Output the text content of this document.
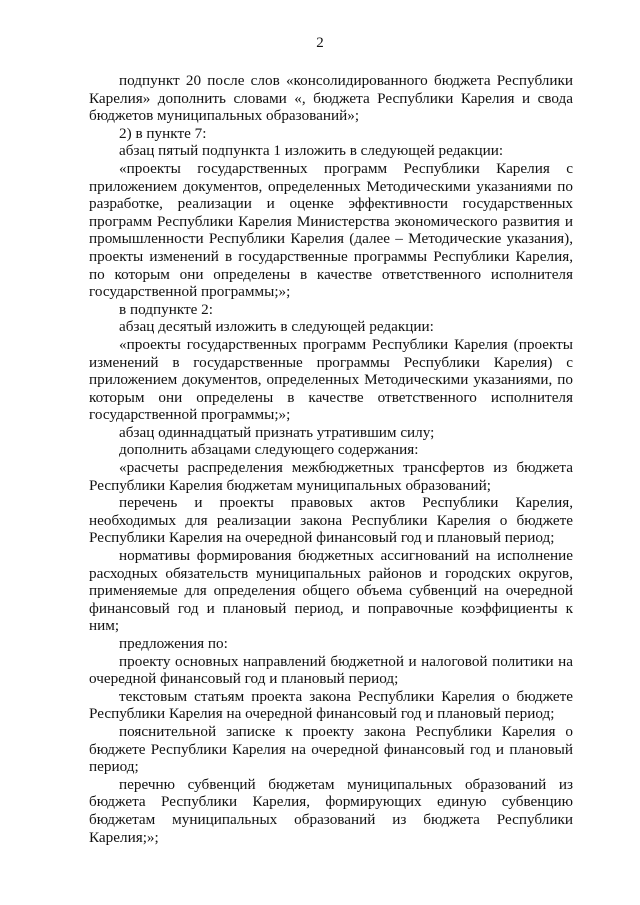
2

подпункт 20 после слов «консолидированного бюджета Республики Карелия» дополнить словами «, бюджета Республики Карелия и свода бюджетов муниципальных образований»;

2) в пункте 7:

абзац пятый подпункта 1 изложить в следующей редакции:

«проекты государственных программ Республики Карелия с приложением документов, определенных Методическими указаниями по разработке, реализации и оценке эффективности государственных программ Республики Карелия Министерства экономического развития и промышленности Республики Карелия (далее – Методические указания), проекты изменений в государственные программы Республики Карелия, по которым они определены в качестве ответственного исполнителя государственной программы;»;

в подпункте 2:

абзац десятый изложить в следующей редакции:

«проекты государственных программ Республики Карелия (проекты изменений в государственные программы Республики Карелия) с приложением документов, определенных Методическими указаниями, по которым они определены в качестве ответственного исполнителя государственной программы;»;

абзац одиннадцатый признать утратившим силу;

дополнить абзацами следующего содержания:

«расчеты распределения межбюджетных трансфертов из бюджета Республики Карелия бюджетам муниципальных образований;

перечень и проекты правовых актов Республики Карелия, необходимых для реализации закона Республики Карелия о бюджете Республики Карелия на очередной финансовый год и плановый период;

нормативы формирования бюджетных ассигнований на исполнение расходных обязательств муниципальных районов и городских округов, применяемые для определения общего объема субвенций на очередной финансовый год и плановый период, и поправочные коэффициенты к ним;

предложения по:

проекту основных направлений бюджетной и налоговой политики на очередной финансовый год и плановый период;

текстовым статьям проекта закона Республики Карелия о бюджете Республики Карелия на очередной финансовый год и плановый период;

пояснительной записке к проекту закона Республики Карелия о бюджете Республики Карелия на очередной финансовый год и плановый период;

перечню субвенций бюджетам муниципальных образований из бюджета Республики Карелия, формирующих единую субвенцию бюджетам муниципальных образований из бюджета Республики Карелия;»;
